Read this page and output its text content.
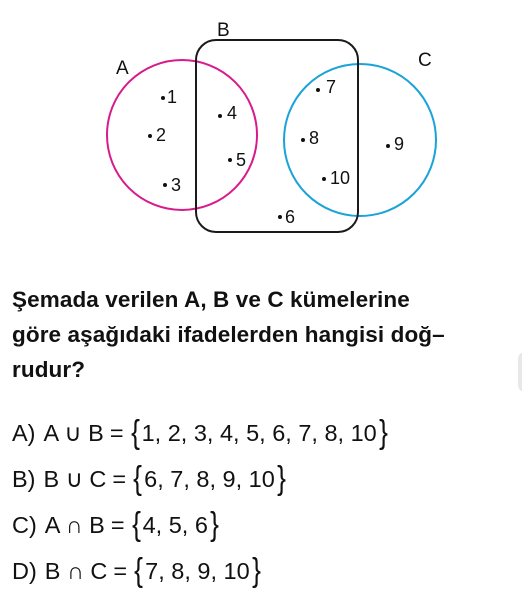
A
B
C
1
2
3
4
5
6
7
8	9
10
Şemada verilen A, B ve C kümelerine
göre aşağıdaki ifadelerden hangisi doğ–
rudur?
A) A ∪ B = { 1, 2, 3, 4, 5, 6, 7, 8, 10 }
B) B ∪ C = { 6, 7, 8, 9, 10 }
C) A ∩ B = { 4, 5, 6 }
D) B ∩ C = { 7, 8, 9, 10 }
